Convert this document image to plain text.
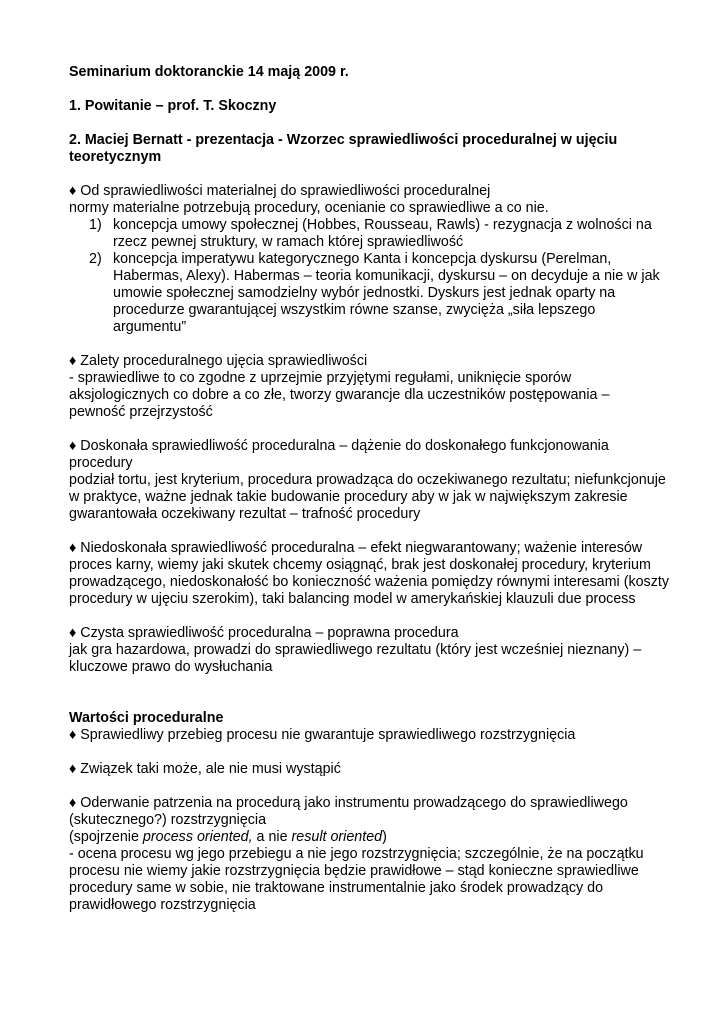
Seminarium doktoranckie 14 mają 2009 r.

1. Powitanie – prof. T. Skoczny

2. Maciej Bernatt - prezentacja - Wzorzec sprawiedliwości proceduralnej w ujęciu teoretycznym

♦ Od sprawiedliwości materialnej do sprawiedliwości proceduralnej

normy materialne potrzebują procedury, ocenianie co sprawiedliwe a co nie.

1) koncepcja umowy społecznej (Hobbes, Rousseau, Rawls) - rezygnacja z wolności na rzecz pewnej struktury, w ramach której sprawiedliwość
2) koncepcja imperatywu kategorycznego Kanta i koncepcja dyskursu (Perelman, Habermas, Alexy). Habermas – teoria komunikacji, dyskursu – on decyduje a nie w jak umowie społecznej samodzielny wybór jednostki. Dyskurs jest jednak oparty na procedurze gwarantującej wszystkim równe szanse, zwycięża „siła lepszego argumentu”

♦ Zalety proceduralnego ujęcia sprawiedliwości

- sprawiedliwe to co zgodne z uprzejmie przyjętymi regułami, uniknięcie sporów aksjologicznych co dobre a co złe, tworzy gwarancje dla uczestników postępowania – pewność przejrzystość

♦ Doskonała sprawiedliwość proceduralna – dążenie do doskonałego funkcjonowania procedury

podział tortu, jest kryterium, procedura prowadząca do oczekiwanego rezultatu; niefunkcjonuje w praktyce, ważne jednak takie budowanie procedury aby w jak w największym zakresie gwarantowała oczekiwany rezultat – trafność procedury

♦ Niedoskonała sprawiedliwość proceduralna – efekt niegwarantowany; ważenie interesów proces karny, wiemy jaki skutek chcemy osiągnąć, brak jest doskonałej procedury, kryterium prowadzącego, niedoskonałość bo konieczność ważenia pomiędzy równymi interesami (koszty procedury w ujęciu szerokim), taki balancing model w amerykańskiej klauzuli due process

♦ Czysta sprawiedliwość proceduralna – poprawna procedura

jak gra hazardowa, prowadzi do sprawiedliwego rezultatu (który jest wcześniej nieznany) – kluczowe prawo do wysłuchania

Wartości proceduralne

♦ Sprawiedliwy przebieg procesu nie gwarantuje sprawiedliwego rozstrzygnięcia

♦ Związek taki może, ale nie musi wystąpić

♦ Oderwanie patrzenia na procedurą jako instrumentu prowadzącego do sprawiedliwego (skutecznego?) rozstrzygnięcia

(spojrzenie process oriented, a nie result oriented)

- ocena procesu wg jego przebiegu a nie jego rozstrzygnięcia; szczególnie, że na początku procesu nie wiemy jakie rozstrzygnięcia będzie prawidłowe – stąd konieczne sprawiedliwe procedury same w sobie, nie traktowane instrumentalnie jako środek prowadzący do prawidłowego rozstrzygnięcia
